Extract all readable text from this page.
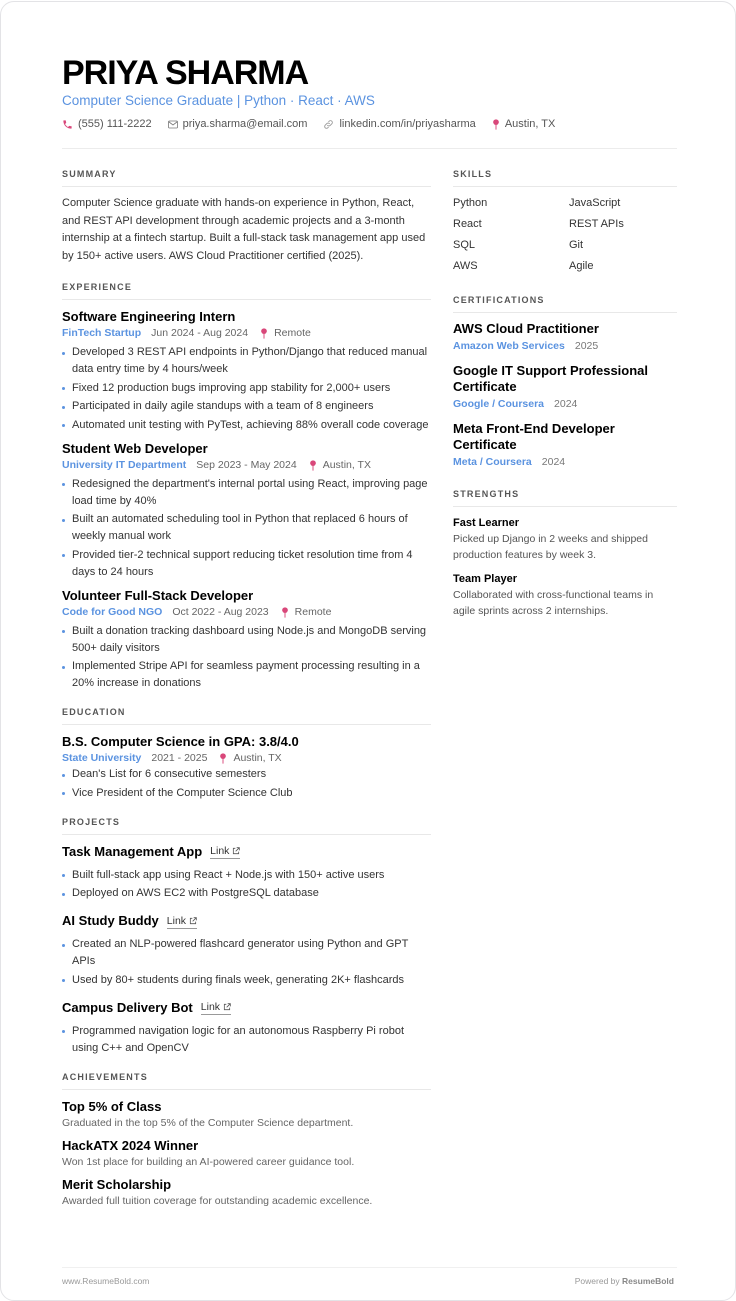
PRIYA SHARMA
Computer Science Graduate | Python · React · AWS
(555) 111-2222	priya.sharma@email.com	linkedin.com/in/priyasharma	Austin, TX
SUMMARY

Computer Science graduate with hands-on experience in Python, React, and REST API development through academic projects and a 3-month internship at a fintech startup. Built a full-stack task management app used by 150+ active users. AWS Cloud Practitioner certified (2025).

EXPERIENCE
Software Engineering Intern
FinTech Startup Jun 2024 - Aug 2024 Remote
Developed 3 REST API endpoints in Python/Django that reduced manual data entry time by 4 hours/week
Fixed 12 production bugs improving app stability for 2,000+ users
Participated in daily agile standups with a team of 8 engineers
Automated unit testing with PyTest, achieving 88% overall code coverage
Student Web Developer
University IT Department Sep 2023 - May 2024 Austin, TX
Redesigned the department's internal portal using React, improving page load time by 40%
Built an automated scheduling tool in Python that replaced 6 hours of weekly manual work
Provided tier-2 technical support reducing ticket resolution time from 4 days to 24 hours
Volunteer Full-Stack Developer
Code for Good NGO Oct 2022 - Aug 2023 Remote
Built a donation tracking dashboard using Node.js and MongoDB serving 500+ daily visitors
Implemented Stripe API for seamless payment processing resulting in a 20% increase in donations
EDUCATION
B.S. Computer Science in GPA: 3.8/4.0
State University 2021 - 2025 Austin, TX
Dean's List for 6 consecutive semesters
Vice President of the Computer Science Club
PROJECTS
Task Management App Link
Built full-stack app using React + Node.js with 150+ active users
Deployed on AWS EC2 with PostgreSQL database
AI Study Buddy Link
Created an NLP-powered flashcard generator using Python and GPT APIs
Used by 80+ students during finals week, generating 2K+ flashcards
Campus Delivery Bot Link
Programmed navigation logic for an autonomous Raspberry Pi robot using C++ and OpenCV
ACHIEVEMENTS
Top 5% of Class
Graduated in the top 5% of the Computer Science department.
HackATX 2024 Winner
Won 1st place for building an AI-powered career guidance tool.
Merit Scholarship
Awarded full tuition coverage for outstanding academic excellence.
SKILLS
Python	JavaScript
React	REST APIs
SQL	Git
AWS	Agile
CERTIFICATIONS
AWS Cloud Practitioner
Amazon Web Services 2025
Google IT Support Professional Certificate
Google / Coursera 2024
Meta Front-End Developer Certificate
Meta / Coursera 2024
STRENGTHS
Fast Learner
Picked up Django in 2 weeks and shipped production features by week 3.
Team Player
Collaborated with cross-functional teams in agile sprints across 2 internships.
www.ResumeBold.com	Powered by ResumeBold
